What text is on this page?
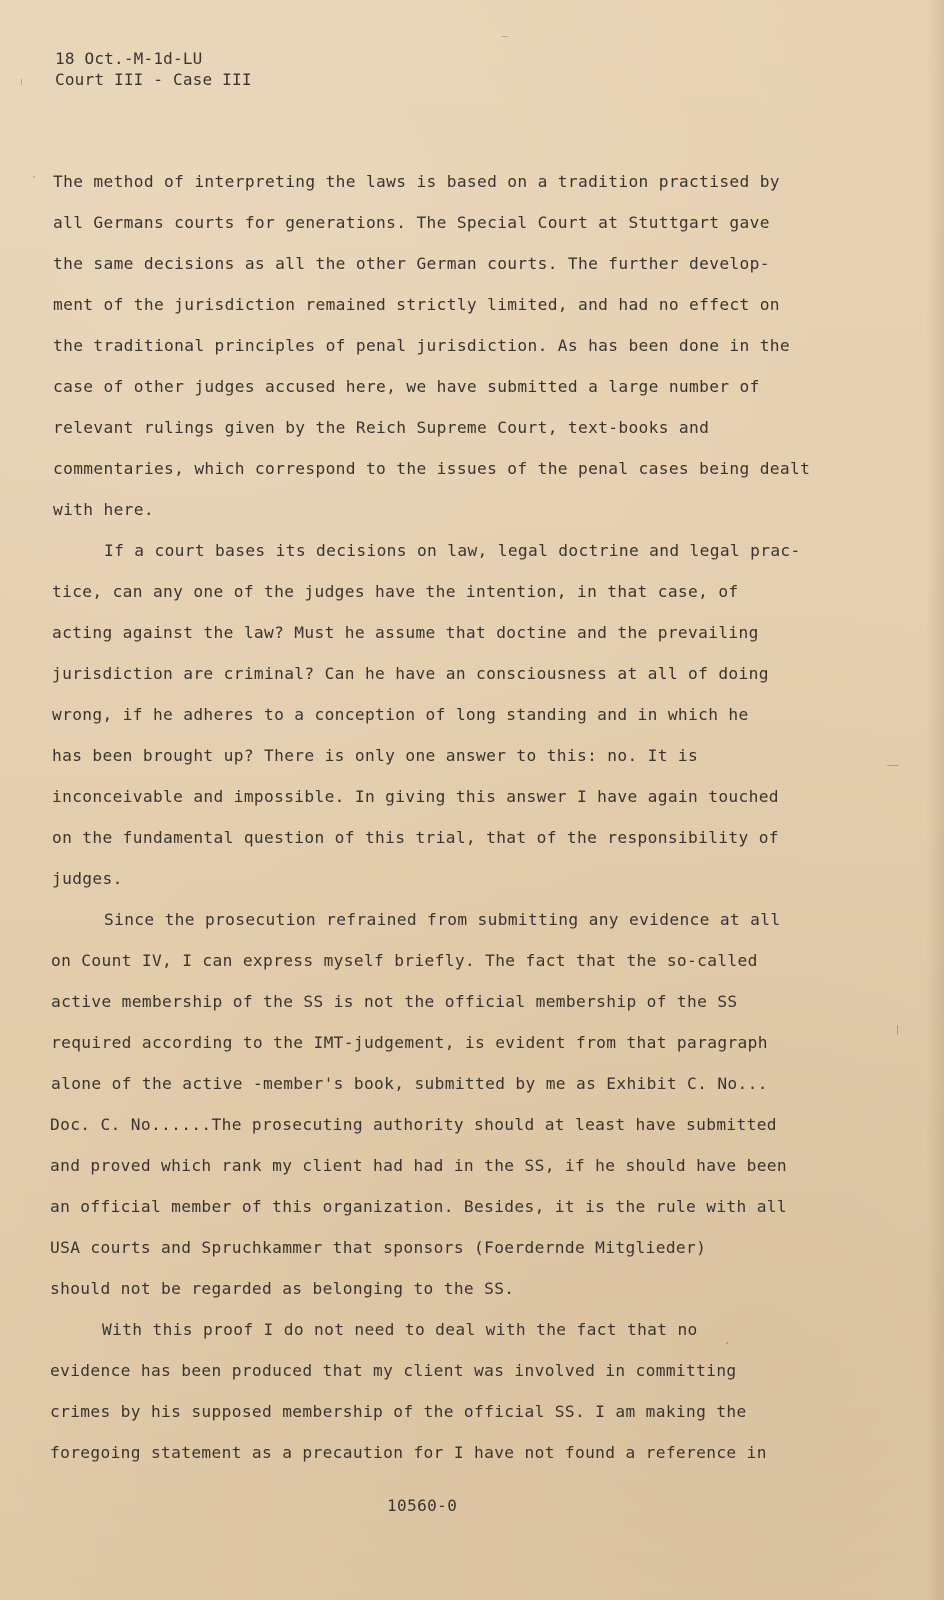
18 Oct.-M-1d-LU
Court III - Case III
The method of interpreting the laws is based on a tradition practised by
all Germans courts for generations. The Special Court at Stuttgart gave
the same decisions as all the other German courts. The further develop-
ment of the jurisdiction remained strictly limited, and had no effect on
the traditional principles of penal jurisdiction. As has been done in the
case of other judges accused here, we have submitted a large number of
relevant rulings given by the Reich Supreme Court, text-books and
commentaries, which correspond to the issues of the penal cases being dealt
with here.
If a court bases its decisions on law, legal doctrine and legal prac-
tice, can any one of the judges have the intention, in that case, of
acting against the law? Must he assume that doctine and the prevailing
jurisdiction are criminal? Can he have an consciousness at all of doing
wrong, if he adheres to a conception of long standing and in which he
has been brought up? There is only one answer to this: no. It is
inconceivable and impossible. In giving this answer I have again touched
on the fundamental question of this trial, that of the responsibility of
judges.
Since the prosecution refrained from submitting any evidence at all
on Count IV, I can express myself briefly. The fact that the so-called
active membership of the SS is not the official membership of the SS
required according to the IMT-judgement, is evident from that paragraph
alone of the active -member's book, submitted by me as Exhibit C. No...
Doc. C. No......The prosecuting authority should at least have submitted
and proved which rank my client had had in the SS, if he should have been
an official member of this organization. Besides, it is the rule with all
USA courts and Spruchkammer that sponsors (Foerdernde Mitglieder)
should not be regarded as belonging to the SS.
With this proof I do not need to deal with the fact that no
evidence has been produced that my client was involved in committing
crimes by his supposed membership of the official SS. I am making the
foregoing statement as a precaution for I have not found a reference in
10560-0
